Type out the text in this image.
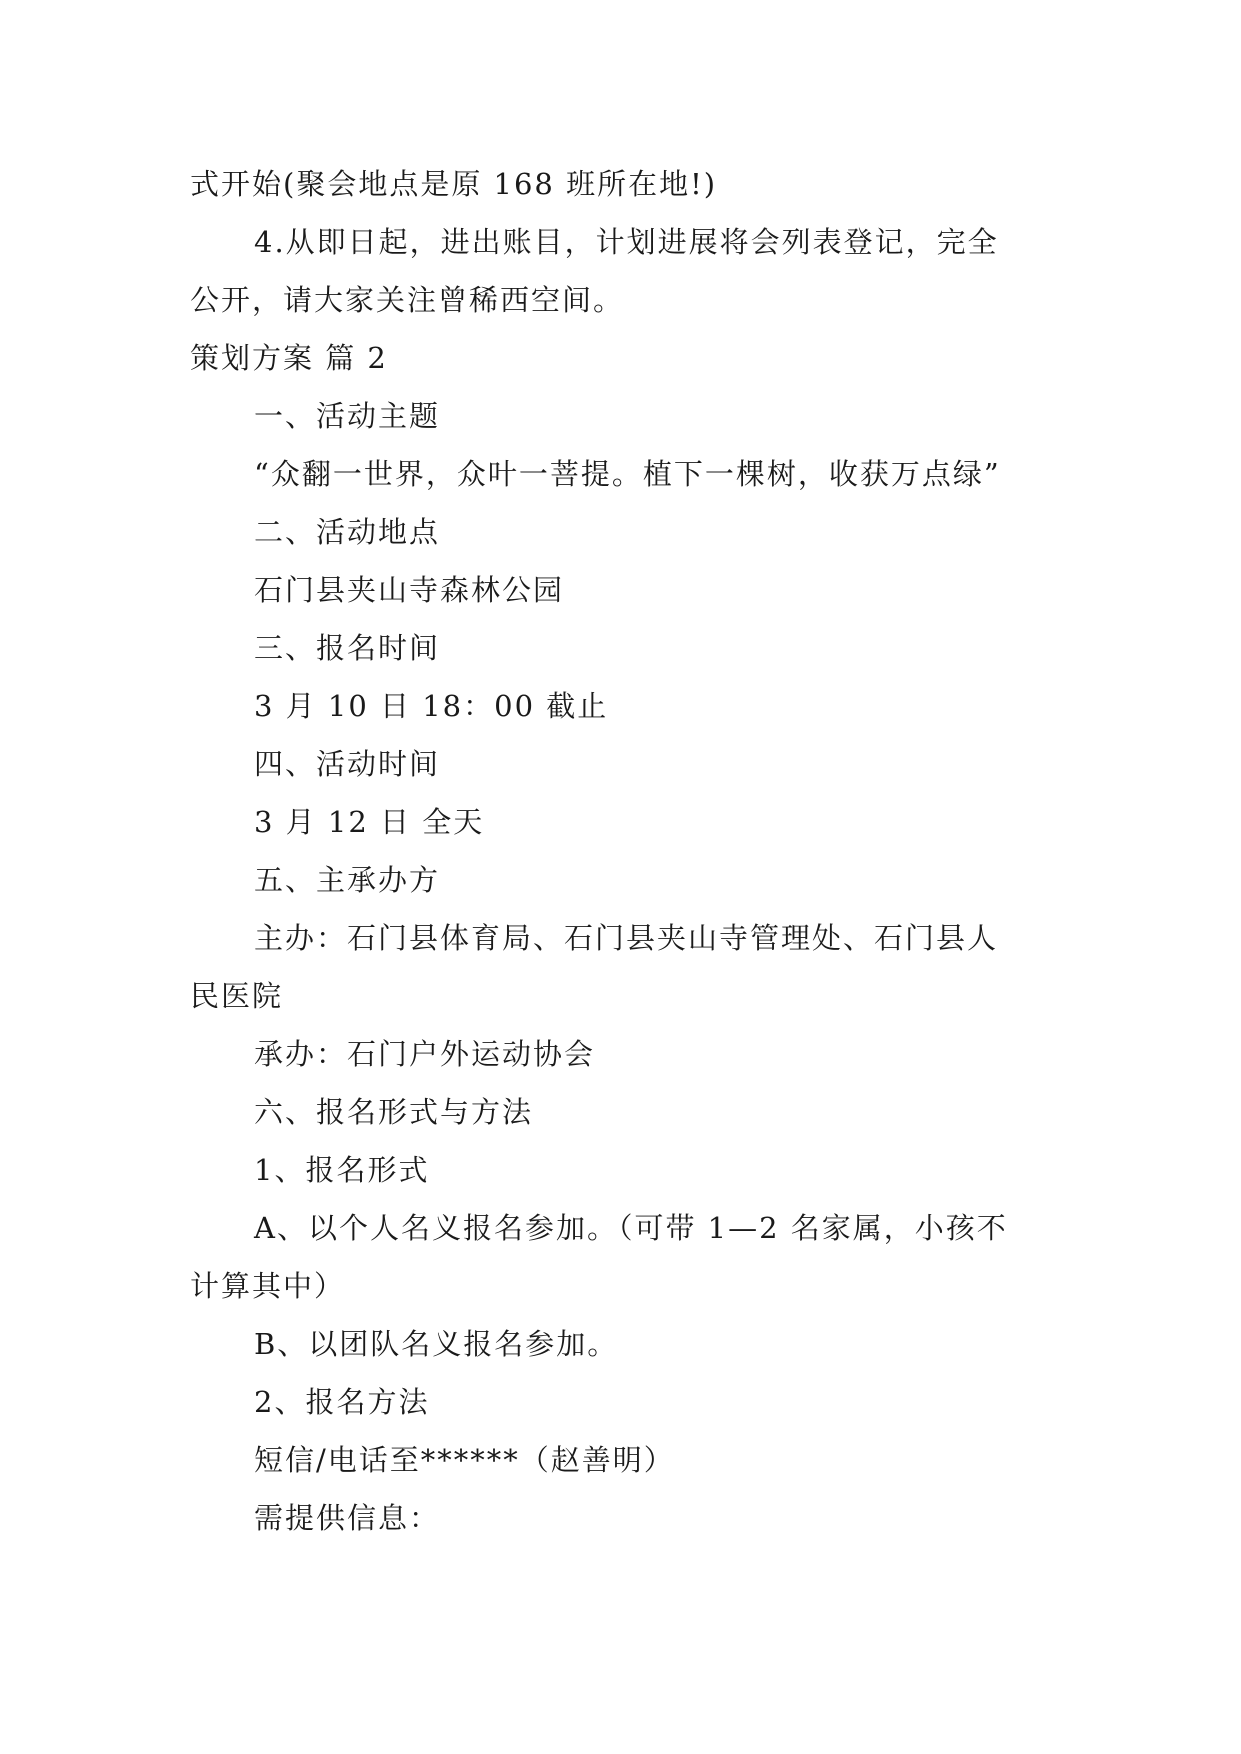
式开始(聚会地点是原 168 班所在地!)
4.从即日起，进出账目，计划进展将会列表登记，完全
公开，请大家关注曾稀西空间。
策划方案 篇 2
一、活动主题
“众翻一世界，众叶一菩提。植下一棵树，收获万点绿”
二、活动地点
石门县夹山寺森林公园
三、报名时间
3 月 10 日 18：00 截止
四、活动时间
3 月 12 日 全天
五、主承办方
主办：石门县体育局、石门县夹山寺管理处、石门县人
民医院
承办：石门户外运动协会
六、报名形式与方法
1、报名形式
A、以个人名义报名参加。（可带 1—2 名家属，小孩不
计算其中）
B、以团队名义报名参加。
2、报名方法
短信/电话至******（赵善明）
需提供信息：
